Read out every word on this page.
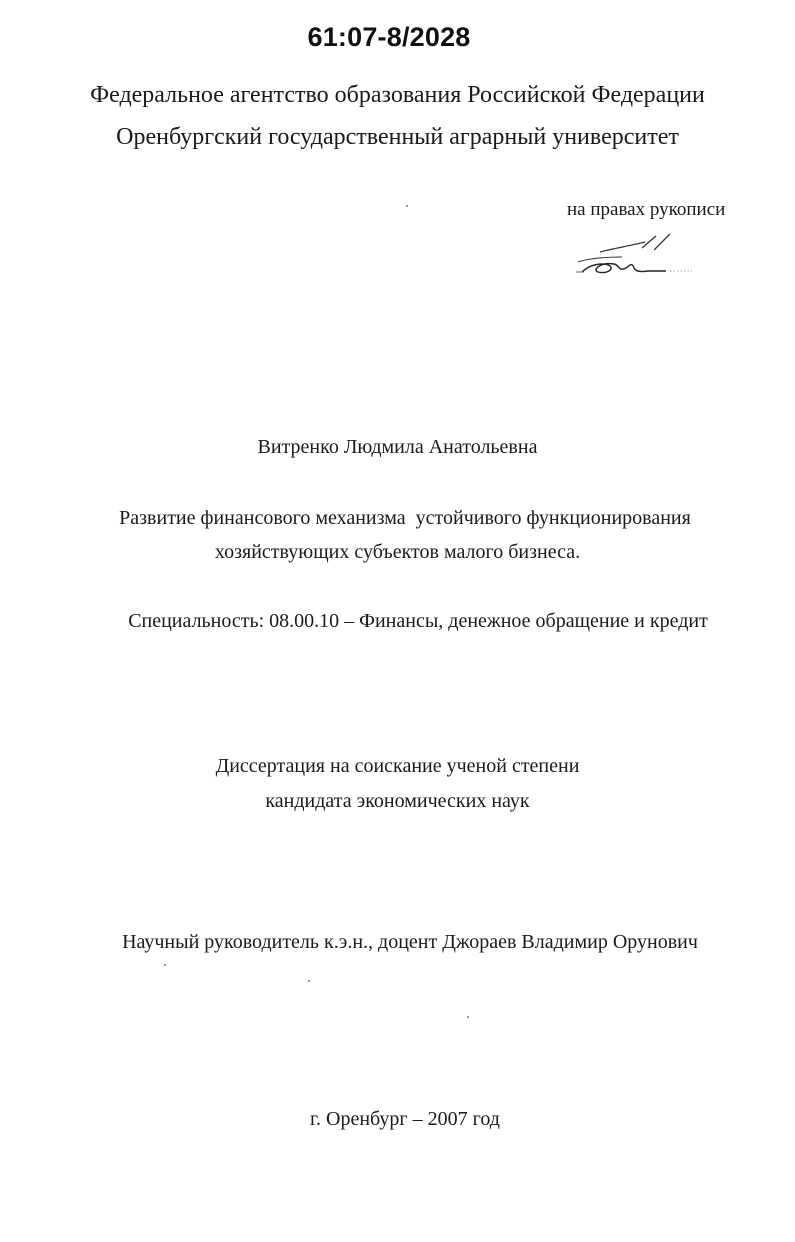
61:07-8/2028
Федеральное агентство образования Российской Федерации
Оренбургский государственный аграрный университет
на правах рукописи
Витренко Людмила Анатольевна
Развитие финансового механизма  устойчивого функционирования
хозяйствующих субъектов малого бизнеса.
Специальность: 08.00.10 – Финансы, денежное обращение и кредит
Диссертация на соискание ученой степени
кандидата экономических наук
Научный руководитель к.э.н., доцент Джораев Владимир Орунович
г. Оренбург – 2007 год
